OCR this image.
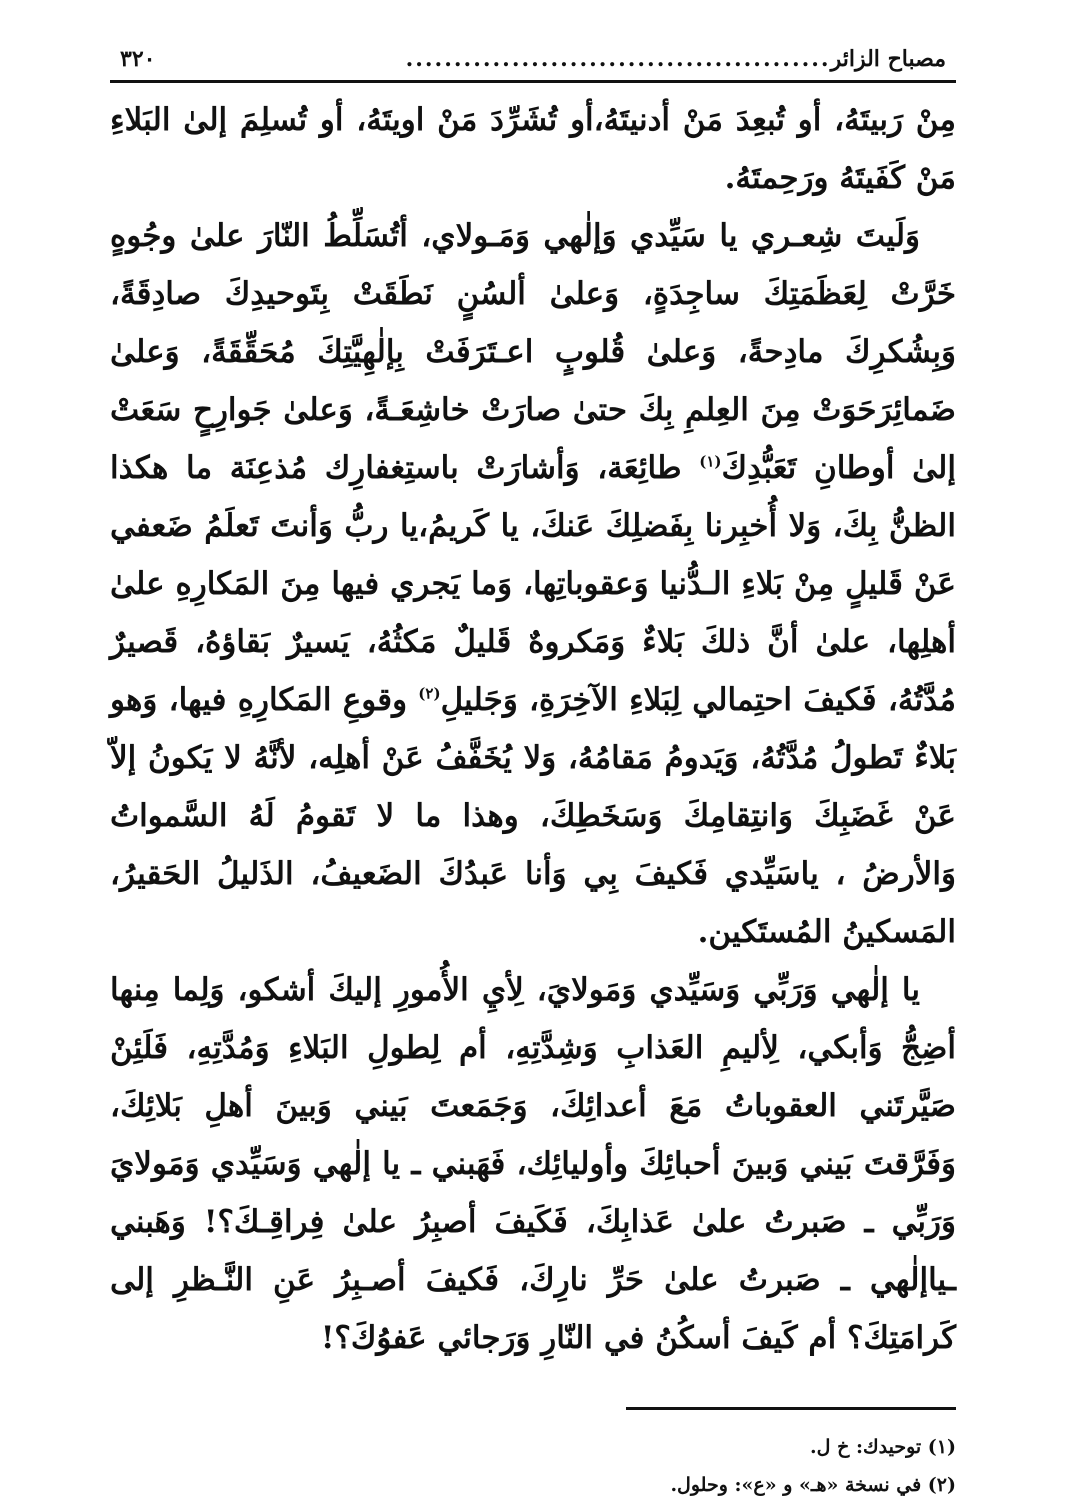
مصباح الزائر
............................................
٣٢٠

مِنْ رَبيتَهُ، أو تُبعِدَ مَنْ أدنيتَهُ،أو تُشَرِّدَ مَنْ اويتَهُ، أو تُسلِمَ إلىٰ البَلاءِ مَنْ كَفَيتَهُ ورَحِمتَهُ.

وَلَيتَ شِعـري يا سَيِّدي وَإلٰهي وَمَـولاي، أتُسَلِّطُ النّارَ علىٰ وجُوهٍ خَرَّتْ لِعَظَمَتِكَ ساجِدَةٍ، وَعلىٰ ألسُنٍ نَطَقَتْ بِتَوحيدِكَ صادِقَةً، وَبِشُكرِكَ مادِحةً، وَعلىٰ قُلوبٍ اعـتَرَفَتْ بِإلٰهِيَّتِكَ مُحَقِّقَةً، وَعلىٰ ضَمائِرَحَوَتْ مِنَ العِلمِ بِكَ حتىٰ صارَتْ خاشِعَـةً، وَعلىٰ جَوارِحٍ سَعَتْ إلىٰ أوطانِ تَعَبُّدِكَ$^{(١)}$ طائِعَة، وَأشارَتْ باستِغفارِك مُذعِنَة ما هكذا الظنُّ بِكَ، وَلا أُخبِرنا بِفَضلِكَ عَنكَ، يا كَريمُ،يا ربُّ وَأنتَ تَعلَمُ ضَعفي عَنْ قَليلٍ مِنْ بَلاءِ الـدُّنيا وَعقوباتِها، وَما يَجري فيها مِنَ المَكارِهِ علىٰ أهلِها، علىٰ أنَّ ذلكَ بَلاءٌ وَمَكروهٌ قَليلٌ مَكثُهُ، يَسيرٌ بَقاؤهُ، قَصيرٌ مُدَّتُهُ، فَكيفَ احتِمالي لِبَلاءِ الآخِرَةِ، وَجَليلِ$^{(٢)}$ وقوعِ المَكارِهِ فيها، وَهو بَلاءٌ تَطولُ مُدَّتُهُ، وَيَدومُ مَقامُهُ، وَلا يُخَفَّفُ عَنْ أهلِه، لأنَّهُ لا يَكونُ إلاّ عَنْ غَضَبِكَ وَانتِقامِكَ وَسَخَطِكَ، وهذا ما لا تَقومُ لَهُ السَّمواتُ وَالأرضُ ، ياسَيِّدي فَكيفَ بِي وَأنا عَبدُكَ الضَعيفُ، الذَليلُ الحَقيرُ، المَسكينُ المُستَكين.

يا إلٰهي وَرَبِّي وَسَيِّدي وَمَولايَ، لِأيِ الأُمورِ إليكَ أشكو، وَلِما مِنها أضِجُّ وَأبكي، لِأليمِ العَذابِ وَشِدَّتِهِ، أم لِطولِ البَلاءِ وَمُدَّتِهِ، فَلَئِنْ صَيَّرتَني العقوباتُ مَعَ أعدائِكَ، وَجَمَعتَ بَيني وَبينَ أهلِ بَلائِكَ، وَفَرَّقتَ بَيني وَبينَ أحبائِكَ وأوليائِك، فَهَبني ـ يا إلٰهي وَسَيِّدي وَمَولايَ وَرَبِّي ـ صَبرتُ علىٰ عَذابِكَ، فَكَيفَ أصبِرُ علىٰ فِراقِـكَ؟! وَهَبني ـياإلٰهي ـ صَبرتُ علىٰ حَرِّ نارِكَ، فَكيفَ أصـبِرُ عَنِ النَّـظرِ إلى كَرامَتِكَ؟ أم كَيفَ أسكُنُ في النّارِ وَرَجائي عَفوُكَ؟!

(١) توحيدك: خ ل.
(٢) في نسخة «هـ» و «ع»: وحلول.
